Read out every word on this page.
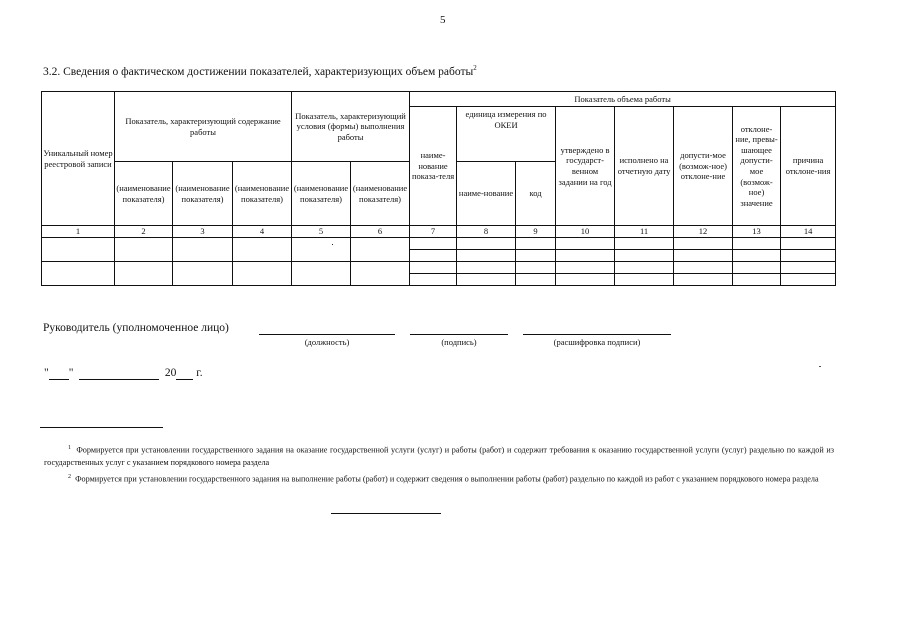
5
3.2. Сведения о фактическом достижении показателей, характеризующих объем работы$^2$
Уникальный номер реестровой записи	Показатель, характеризующий содержание работы			Показатель, характеризующий условия (формы) выполнения работы		Показатель объема работы							
						наиме-нование показа-теля	единица измерения по ОКЕИ		утверждено в государст-венном задании на год	исполнено на отчетную дату	допусти-мое (возмож-ное) отклоне-ние	отклоне-ние, превы-шающее допусти-мое (возмож-ное) значение	причина отклоне-ния
	(наименование показателя)	(наименование показателя)	(наименование показателя)	(наименование показателя)	(наименование показателя)		наиме-нование	код					
1	2	3	4	5	6	7	8	9	10	11	12	13	14

Руководитель (уполномоченное лицо)
(должность)	(подпись)	(расшифровка подписи)
" "	20 г.
$^1$ Формируется при установлении государственного задания на оказание государственной услуги (услуг) и работы (работ) и содержит требования к оказанию государственной услуги (услуг) раздельно по каждой из государственных услуг с указанием порядкового номера раздела
$^2$ Формируется при установлении государственного задания на выполнение работы (работ) и содержит сведения о выполнении работы (работ) раздельно по каждой из работ с указанием порядкового номера раздела
